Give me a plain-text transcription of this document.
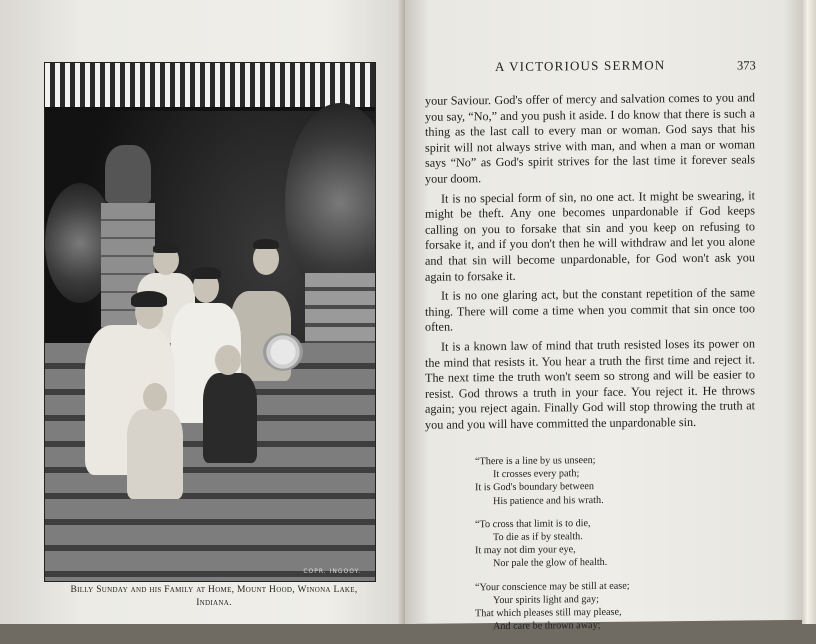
COPR. INGOOY.
Billy Sunday and his Family at Home, Mount Hood, Winona Lake, Indiana.
A VICTORIOUS SERMON	373

your Saviour. God's offer of mercy and salvation comes to you and you say, “No,” and you push it aside. I do know that there is such a thing as the last call to every man or woman. God says that his spirit will not always strive with man, and when a man or woman says “No” as God's spirit strives for the last time it forever seals your doom.

It is no special form of sin, no one act. It might be swearing, it might be theft. Any one becomes unpardonable if God keeps calling on you to forsake that sin and you keep on refusing to forsake it, and if you don't then he will withdraw and let you alone and that sin will become unpardonable, for God won't ask you again to forsake it.

It is no one glaring act, but the constant repetition of the same thing. There will come a time when you commit that sin once too often.

It is a known law of mind that truth resisted loses its power on the mind that resists it. You hear a truth the first time and reject it. The next time the truth won't seem so strong and will be easier to resist. God throws a truth in your face. You reject it. He throws again; you reject again. Finally God will stop throwing the truth at you and you will have committed the unpardonable sin.

“There is a line by us unseen;
It crosses every path;
It is God's boundary between
His patience and his wrath.
“To cross that limit is to die,
To die as if by stealth.
It may not dim your eye,
Nor pale the glow of health.
“Your conscience may be still at ease;
Your spirits light and gay;
That which pleases still may please,
And care be thrown away;
